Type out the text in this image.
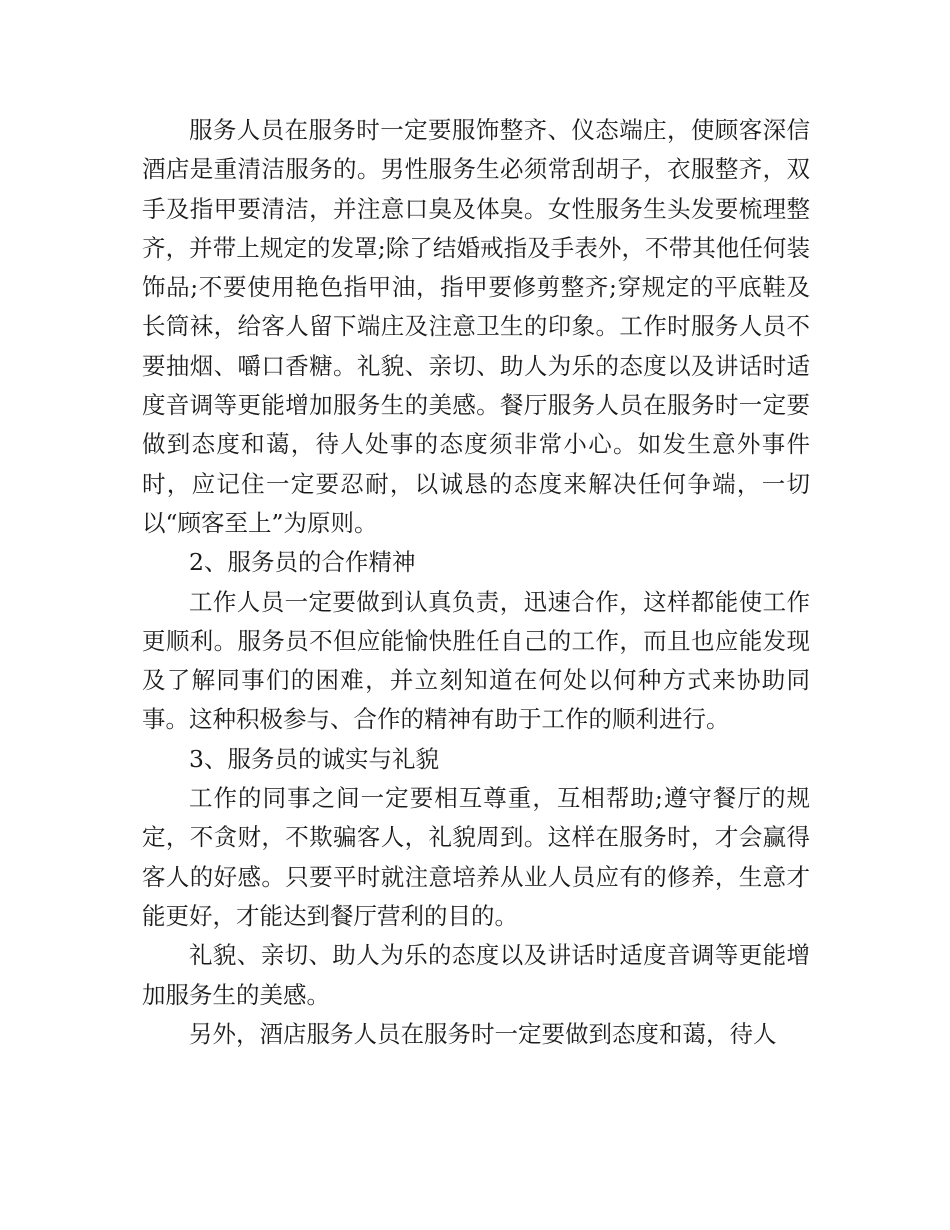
服务人员在服务时一定要服饰整齐、仪态端庄，使顾客深信酒店是重清洁服务的。男性服务生必须常刮胡子，衣服整齐，双手及指甲要清洁，并注意口臭及体臭。女性服务生头发要梳理整齐，并带上规定的发罩;除了结婚戒指及手表外，不带其他任何装饰品;不要使用艳色指甲油，指甲要修剪整齐;穿规定的平底鞋及长筒袜，给客人留下端庄及注意卫生的印象。工作时服务人员不要抽烟、嚼口香糖。礼貌、亲切、助人为乐的态度以及讲话时适度音调等更能增加服务生的美感。餐厅服务人员在服务时一定要做到态度和蔼，待人处事的态度须非常小心。如发生意外事件时，应记住一定要忍耐，以诚恳的态度来解决任何争端，一切以“顾客至上”为原则。

2、服务员的合作精神

工作人员一定要做到认真负责，迅速合作，这样都能使工作更顺利。服务员不但应能愉快胜任自己的工作，而且也应能发现及了解同事们的困难，并立刻知道在何处以何种方式来协助同事。这种积极参与、合作的精神有助于工作的顺利进行。

3、服务员的诚实与礼貌

工作的同事之间一定要相互尊重，互相帮助;遵守餐厅的规定，不贪财，不欺骗客人，礼貌周到。这样在服务时，才会赢得客人的好感。只要平时就注意培养从业人员应有的修养，生意才能更好，才能达到餐厅营利的目的。

礼貌、亲切、助人为乐的态度以及讲话时适度音调等更能增加服务生的美感。

另外，酒店服务人员在服务时一定要做到态度和蔼，待人
